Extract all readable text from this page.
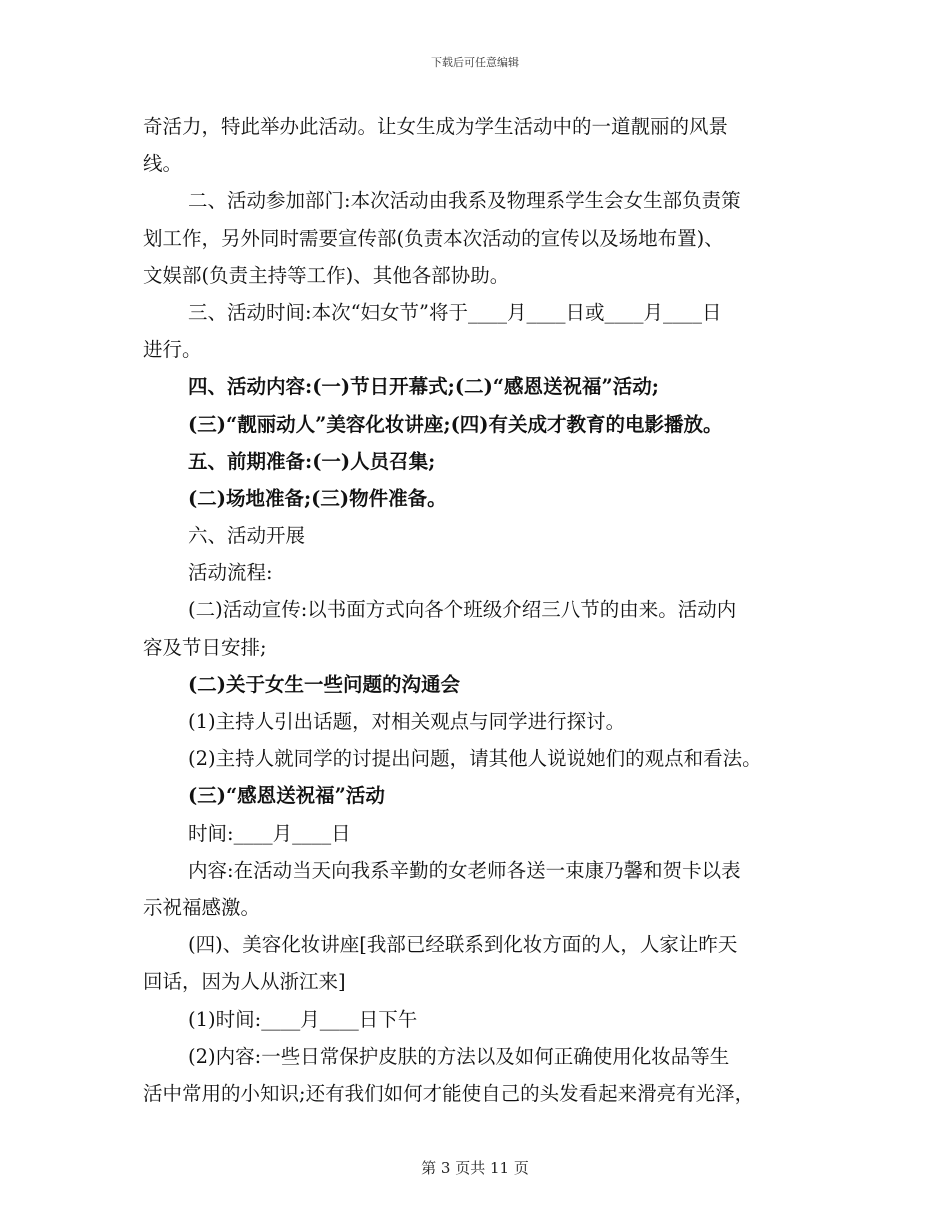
下载后可任意编辑
奇活力，特此举办此活动。让女生成为学生活动中的一道靓丽的风景
线。
二、活动参加部门:本次活动由我系及物理系学生会女生部负责策
划工作，另外同时需要宣传部(负责本次活动的宣传以及场地布置)、
文娱部(负责主持等工作)、其他各部协助。
三、活动时间:本次“妇女节”将于____月____日或____月____日
进行。
四、活动内容:(一)节日开幕式;(二)“感恩送祝福”活动;
(三)“靓丽动人”美容化妆讲座;(四)有关成才教育的电影播放。
五、前期准备:(一)人员召集;
(二)场地准备;(三)物件准备。
六、活动开展
活动流程:
(二)活动宣传:以书面方式向各个班级介绍三八节的由来。活动内
容及节日安排;
(二)关于女生一些问题的沟通会
(1)主持人引出话题，对相关观点与同学进行探讨。
(2)主持人就同学的讨提出问题，请其他人说说她们的观点和看法。
(三)“感恩送祝福”活动
时间:____月____日
内容:在活动当天向我系辛勤的女老师各送一束康乃馨和贺卡以表
示祝福感激。
(四)、美容化妆讲座[我部已经联系到化妆方面的人，人家让昨天
回话，因为人从浙江来]
(1)时间:____月____日下午
(2)内容:一些日常保护皮肤的方法以及如何正确使用化妆品等生
活中常用的小知识;还有我们如何才能使自己的头发看起来滑亮有光泽，
第 3 页共 11 页
